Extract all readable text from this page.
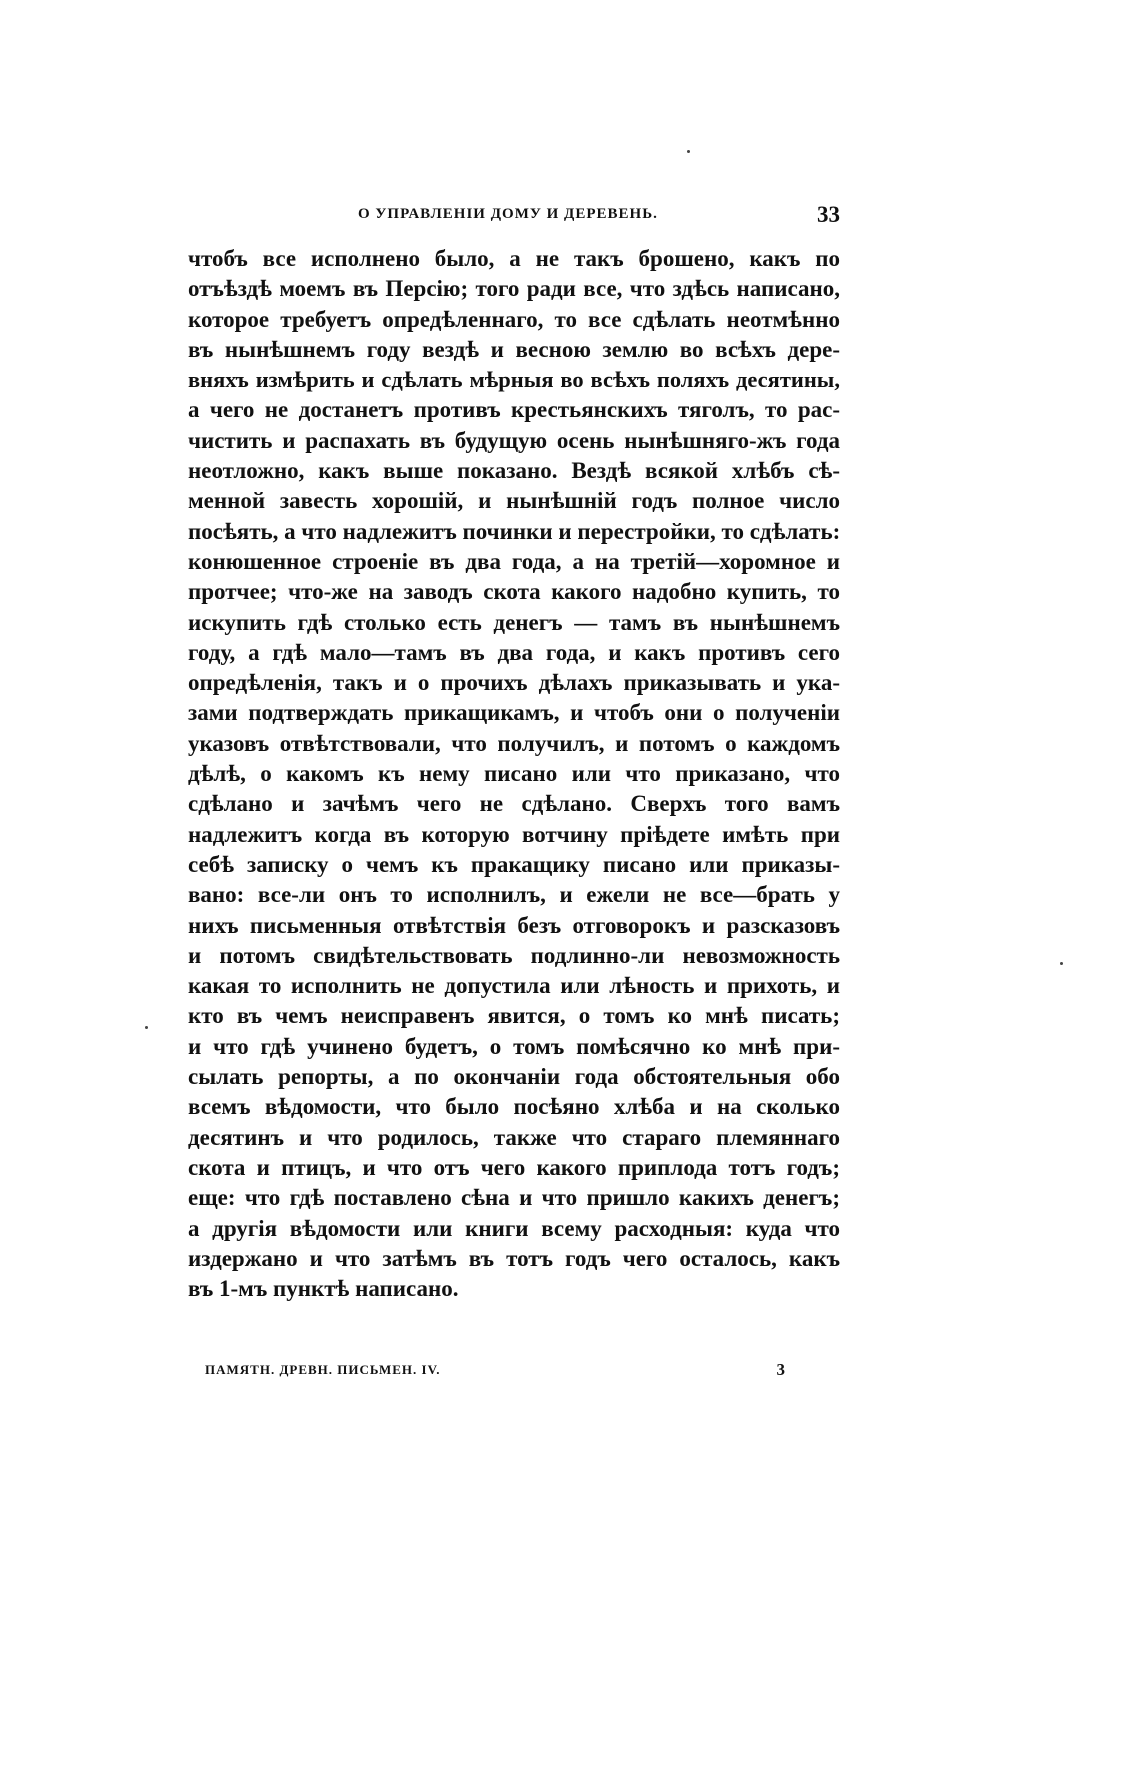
О УПРАВЛЕНІИ ДОМУ И ДЕРЕВЕНЬ.	33
чтобъ все исполнено было, а не такъ брошено, какъ по
отъѣздѣ моемъ въ Персію; того ради все, что здѣсь написано,
которое требуетъ опредѣленнаго, то все сдѣлать неотмѣнно
въ нынѣшнемъ году вездѣ и весною землю во всѣхъ дере-
вняхъ измѣрить и сдѣлать мѣрныя во всѣхъ поляхъ десятины,
а чего не достанетъ противъ крестьянскихъ тяголъ, то рас-
чистить и распахать въ будущую осень нынѣшняго-жъ года
неотложно, какъ выше показано. Вездѣ всякой хлѣбъ сѣ-
менной завесть хорошій, и нынѣшній годъ полное число
посѣять, а что надлежитъ починки и перестройки, то сдѣлать:
конюшенное строеніе въ два года, а на третій—хоромное и
протчее; что-же на заводъ скота какого надобно купить, то
искупить гдѣ столько есть денегъ — тамъ въ нынѣшнемъ
году, а гдѣ мало—тамъ въ два года, и какъ противъ сего
опредѣленія, такъ и о прочихъ дѣлахъ приказывать и ука-
зами подтверждать прикащикамъ, и чтобъ они о полученіи
указовъ отвѣтствовали, что получилъ, и потомъ о каждомъ
дѣлѣ, о какомъ къ нему писано или что приказано, что
сдѣлано и зачѣмъ чего не сдѣлано. Сверхъ того вамъ
надлежитъ когда въ которую вотчину пріѣдете имѣть при
себѣ записку о чемъ къ пракащику писано или приказы-
вано: все-ли онъ то исполнилъ, и ежели не все—брать у
нихъ письменныя отвѣтствія безъ отговорокъ и разсказовъ
и потомъ свидѣтельствовать подлинно-ли невозможность
какая то исполнить не допустила или лѣность и прихоть, и
кто въ чемъ неисправенъ явится, о томъ ко мнѣ писать;
и что гдѣ учинено будетъ, о томъ помѣсячно ко мнѣ при-
сылать репорты, а по окончаніи года обстоятельныя обо
всемъ вѣдомости, что было посѣяно хлѣба и на сколько
десятинъ и что родилось, также что стараго племяннаго
скота и птицъ, и что отъ чего какого приплода тотъ годъ;
еще: что гдѣ поставлено сѣна и что пришло какихъ денегъ;
а другія вѣдомости или книги всему расходныя: куда что
издержано и что затѣмъ въ тотъ годъ чего осталось, какъ
въ 1-мъ пунктѣ написано.
ПАМЯТН. ДРЕВН. ПИСЬМЕН. IV.	3
